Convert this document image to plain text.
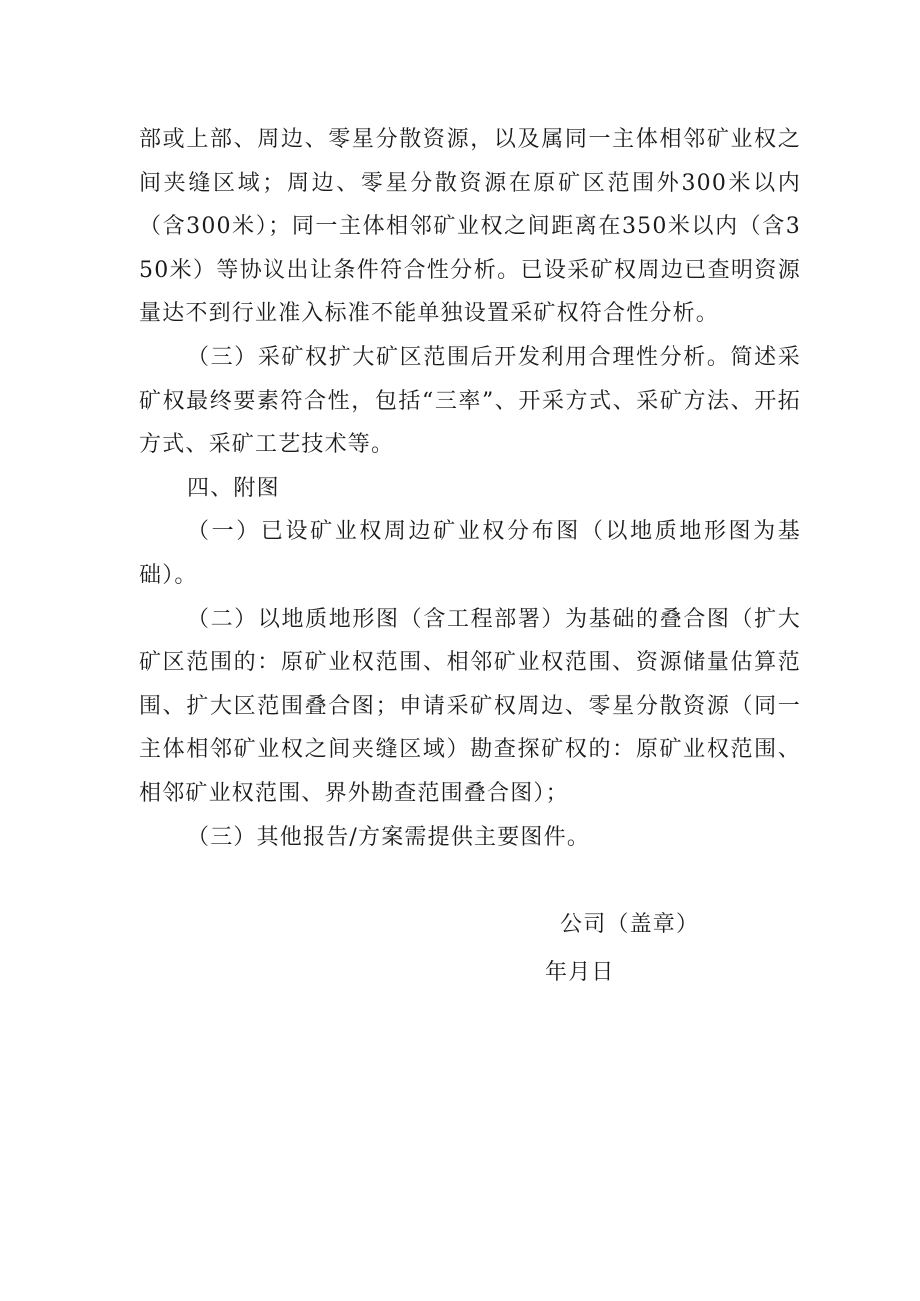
部或上部、周边、零星分散资源，以及属同一主体相邻矿业权之间夹缝区域；周边、零星分散资源在原矿区范围外300米以内（含300米）；同一主体相邻矿业权之间距离在350米以内（含350米）等协议出让条件符合性分析。已设采矿权周边已查明资源量达不到行业准入标准不能单独设置采矿权符合性分析。

（三）采矿权扩大矿区范围后开发利用合理性分析。简述采矿权最终要素符合性，包括“三率”、开采方式、采矿方法、开拓方式、采矿工艺技术等。

四、附图

（一）已设矿业权周边矿业权分布图（以地质地形图为基础）。

（二）以地质地形图（含工程部署）为基础的叠合图（扩大矿区范围的：原矿业权范围、相邻矿业权范围、资源储量估算范围、扩大区范围叠合图；申请采矿权周边、零星分散资源（同一主体相邻矿业权之间夹缝区域）勘查探矿权的：原矿业权范围、相邻矿业权范围、界外勘查范围叠合图）；

（三）其他报告/方案需提供主要图件。

公司（盖章）
年月日
